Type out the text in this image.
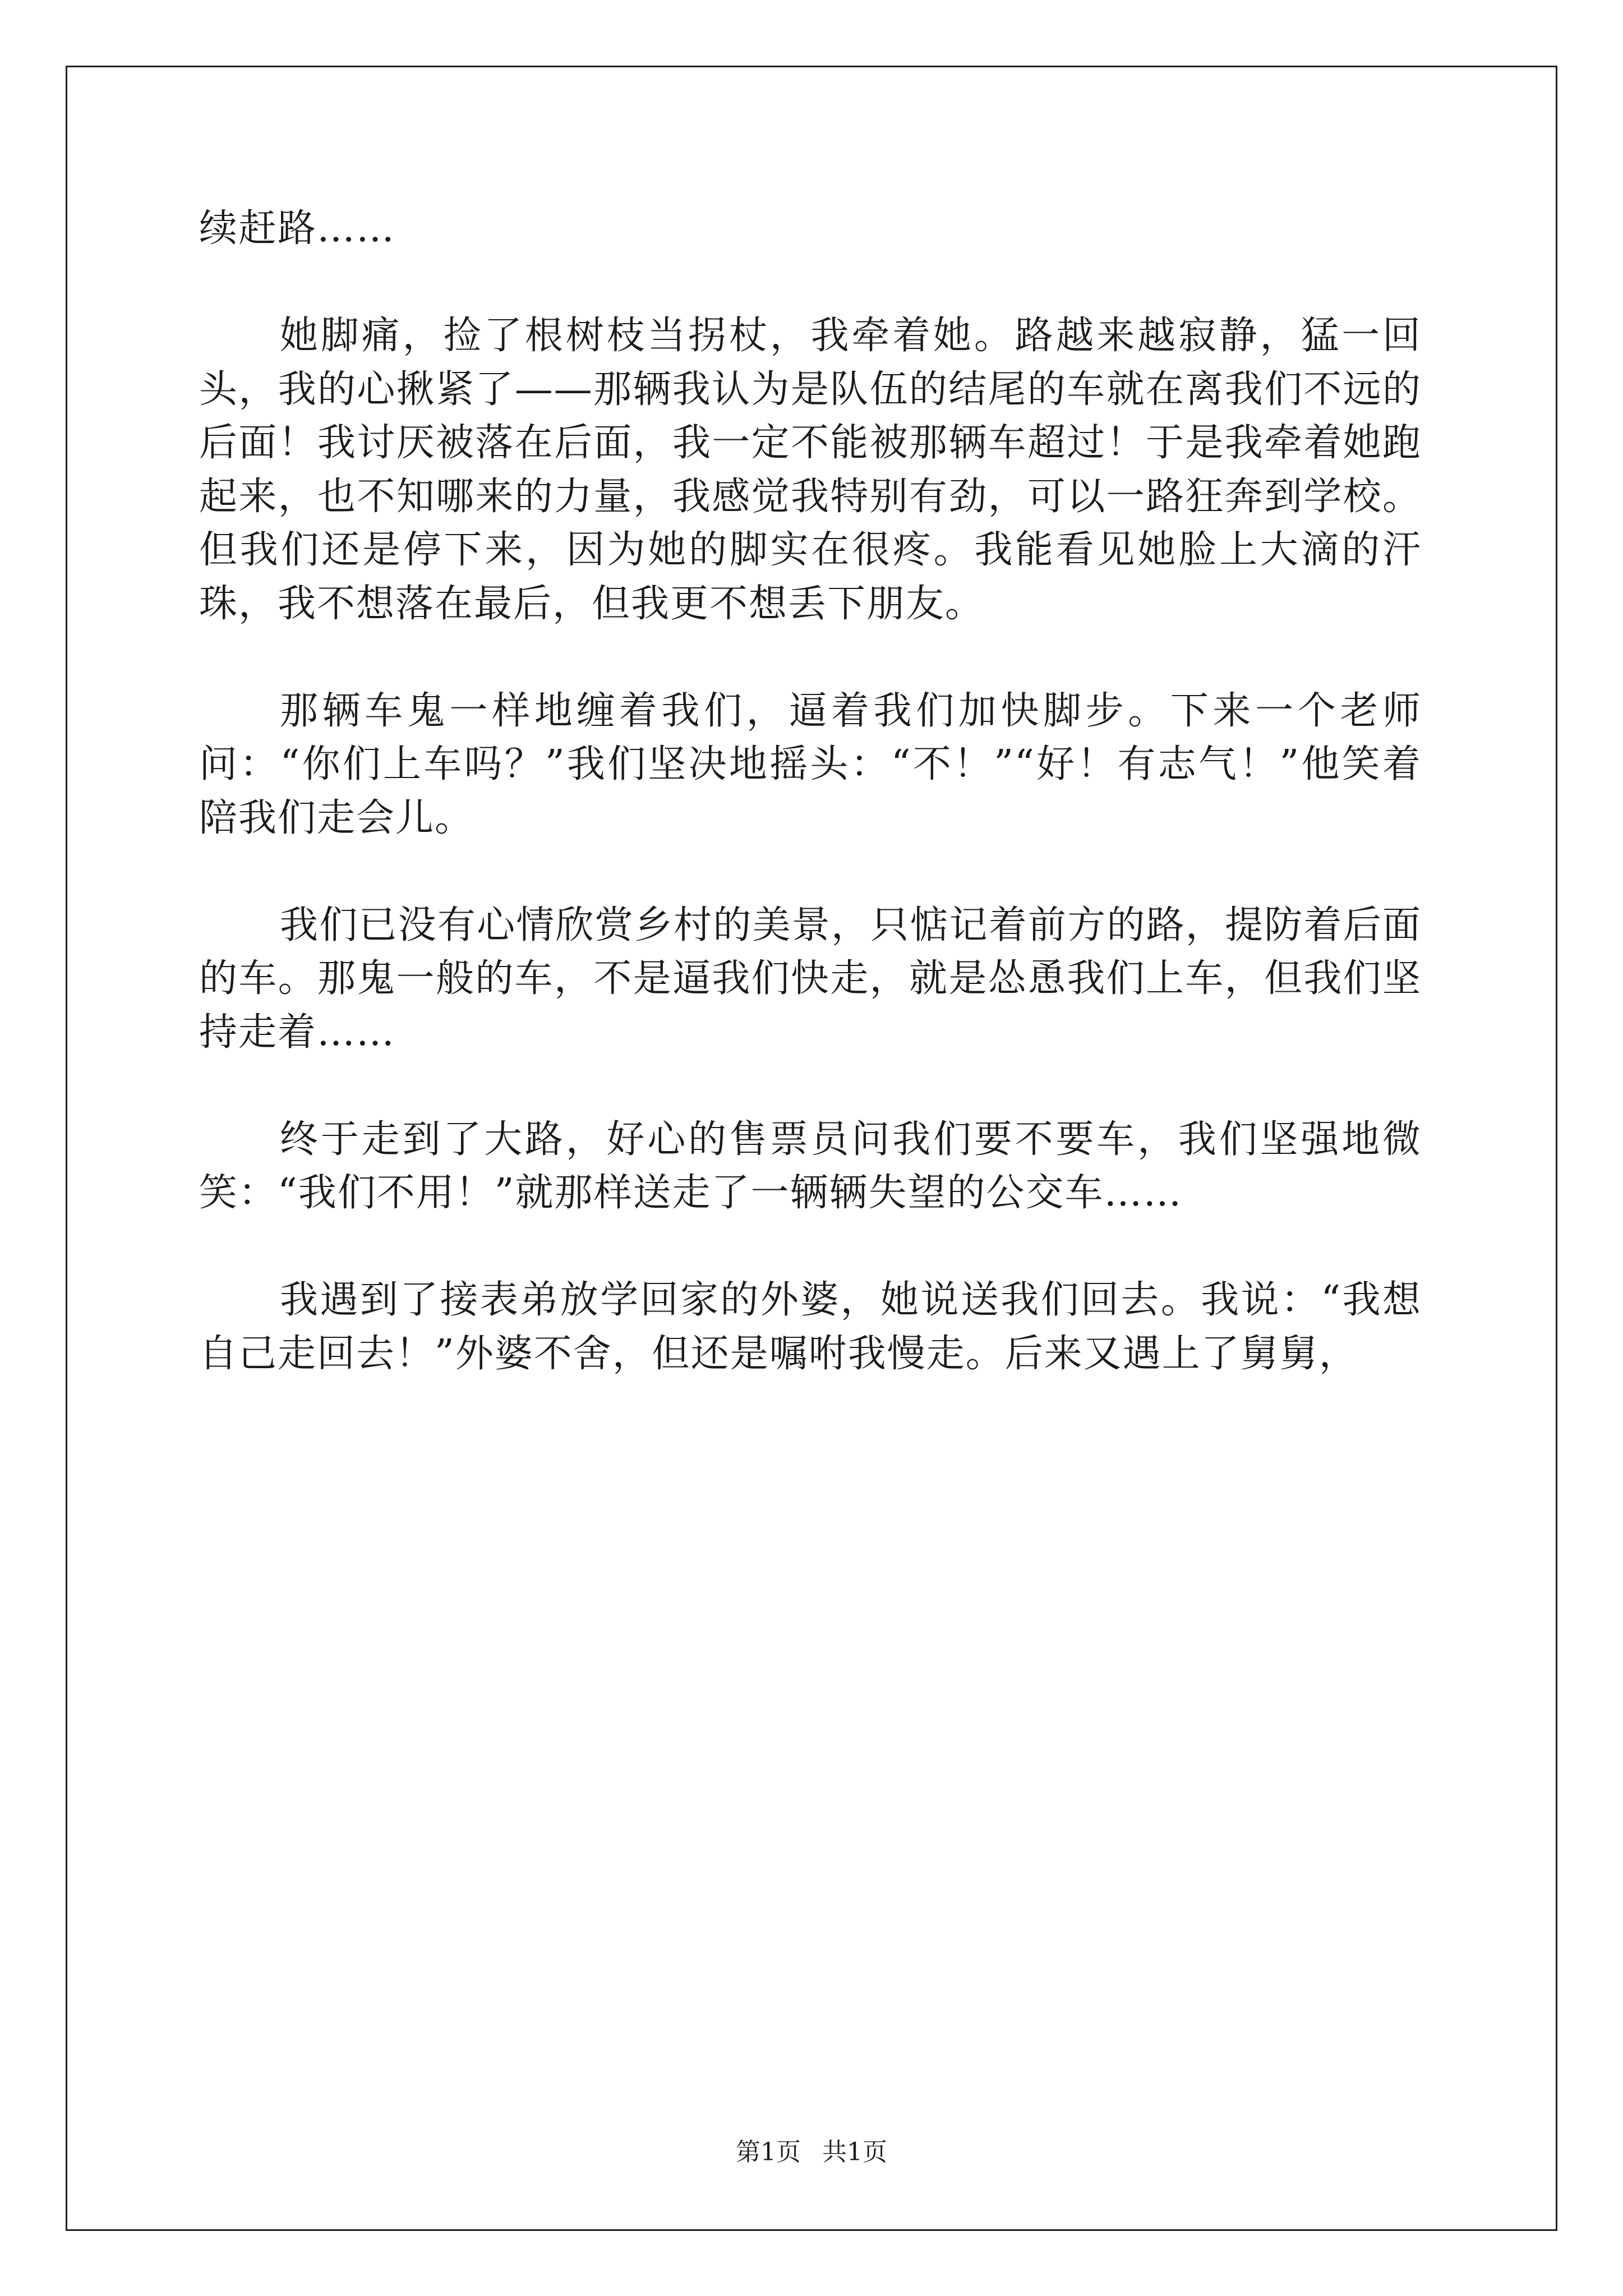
续赶路……

她脚痛，捡了根树枝当拐杖，我牵着她。路越来越寂静，猛一回头，我的心揪紧了——那辆我认为是队伍的结尾的车就在离我们不远的后面！我讨厌被落在后面，我一定不能被那辆车超过！于是我牵着她跑起来，也不知哪来的力量，我感觉我特别有劲，可以一路狂奔到学校。但我们还是停下来，因为她的脚实在很疼。我能看见她脸上大滴的汗珠，我不想落在最后，但我更不想丢下朋友。

那辆车鬼一样地缠着我们，逼着我们加快脚步。下来一个老师问：“你们上车吗？”我们坚决地摇头：“不！”“好！有志气！”他笑着陪我们走会儿。

我们已没有心情欣赏乡村的美景，只惦记着前方的路，提防着后面的车。那鬼一般的车，不是逼我们快走，就是怂恿我们上车，但我们坚持走着……

终于走到了大路，好心的售票员问我们要不要车，我们坚强地微笑：“我们不用！”就那样送走了一辆辆失望的公交车……

我遇到了接表弟放学回家的外婆，她说送我们回去。我说：“我想自己走回去！”外婆不舍，但还是嘱咐我慢走。后来又遇上了舅舅，

第1页 共1页
